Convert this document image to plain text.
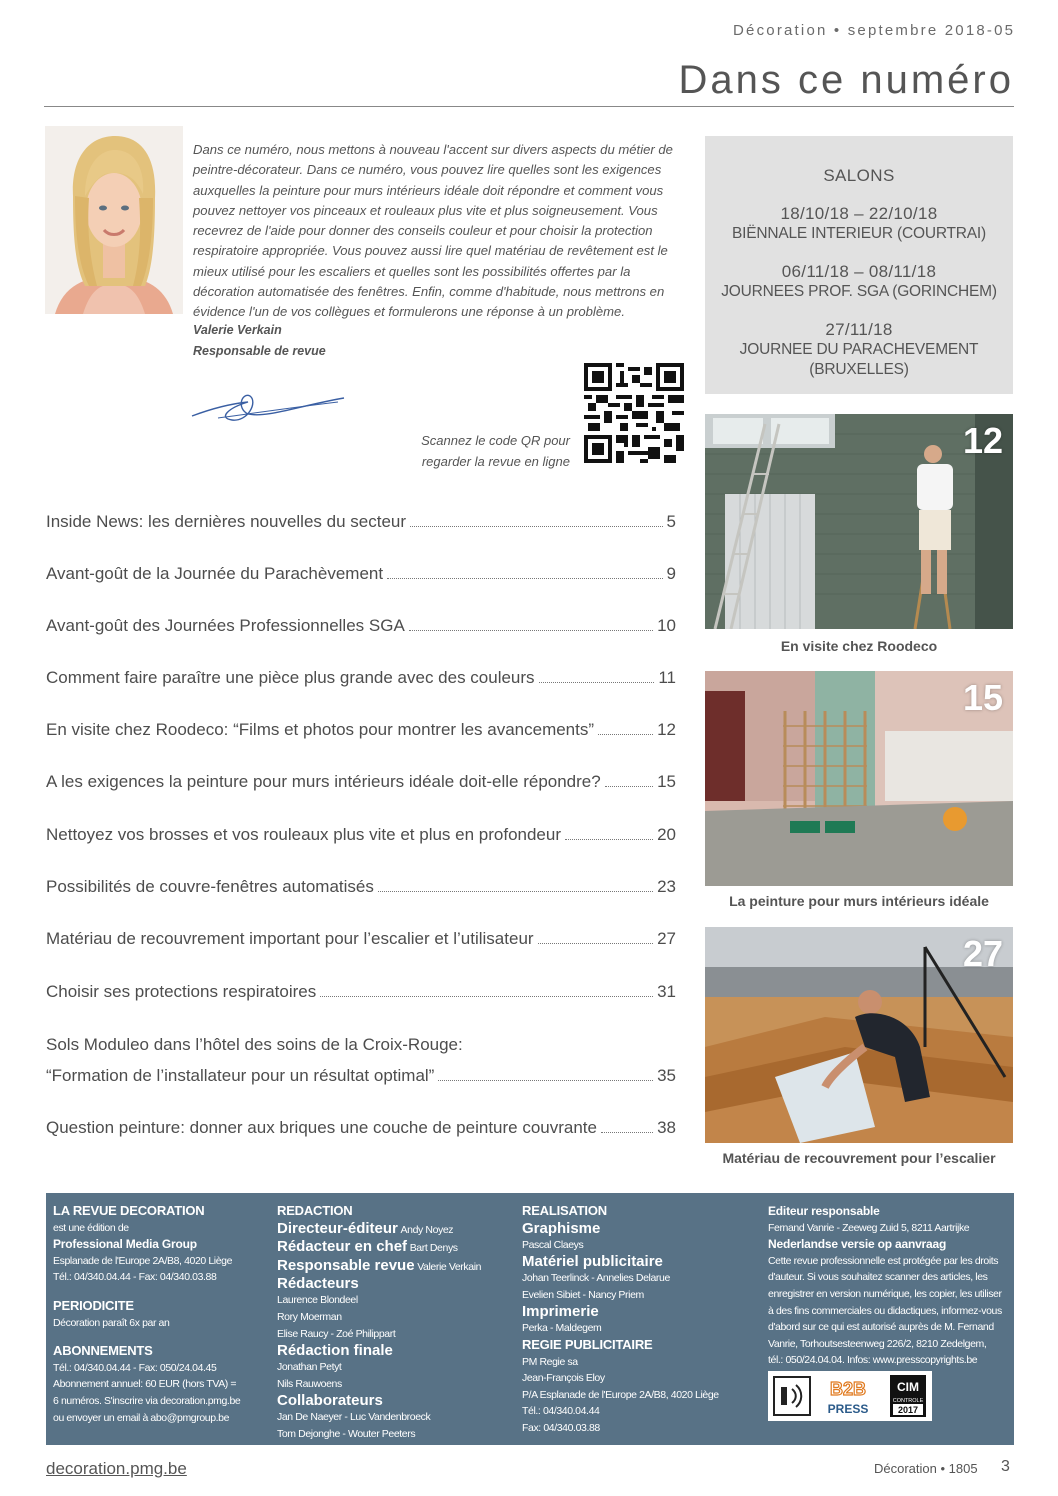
Décoration • septembre 2018-05
Dans ce numéro
Dans ce numéro, nous mettons à nouveau l'accent sur divers aspects du métier de peintre-décorateur. Dans ce numéro, vous pouvez lire quelles sont les exigences auxquelles la peinture pour murs intérieurs idéale doit répondre et comment vous pouvez nettoyer vos pinceaux et rouleaux plus vite et plus soigneusement. Vous recevrez de l'aide pour donner des conseils couleur et pour choisir la protection respiratoire appropriée. Vous pouvez aussi lire quel matériau de revêtement est le mieux utilisé pour les escaliers et quelles sont les possibilités offertes par la décoration automatisée des fenêtres. Enfin, comme d'habitude, nous mettrons en évidence l'un de vos collègues et formulerons une réponse à un problème.
Valerie Verkain
Responsable de revue
Scannez le code QR pour
regarder la revue en ligne
SALONS
18/10/18 – 22/10/18
BIËNNALE INTERIEUR (COURTRAI)
06/11/18 – 08/11/18
JOURNEES PROF. SGA (GORINCHEM)
27/11/18
JOURNEE DU PARACHEVEMENT
(BRUXELLES)
Inside News: les dernières nouvelles du secteur	5
Avant-goût de la Journée du Parachèvement	9
Avant-goût des Journées Professionnelles SGA	10
Comment faire paraître une pièce plus grande avec des couleurs	11
En visite chez Roodeco: “Films et photos pour montrer les avancements”	12
A les exigences la peinture pour murs intérieurs idéale doit-elle répondre?	15
Nettoyez vos brosses et vos rouleaux plus vite et plus en profondeur	20
Possibilités de couvre-fenêtres automatisés	23
Matériau de recouvrement important pour l’escalier et l’utilisateur	27
Choisir ses protections respiratoires	31
Sols Moduleo dans l’hôtel des soins de la Croix-Rouge:
“Formation de l’installateur pour un résultat optimal”	35
Question peinture: donner aux briques une couche de peinture couvrante	38
12
En visite chez Roodeco
15
La peinture pour murs intérieurs idéale
27
Matériau de recouvrement pour l’escalier
LA REVUE DECORATION
est une édition de
Professional Media Group
Esplanade de l'Europe 2A/B8, 4020 Liège
Tél.: 04/340.04.44 - Fax: 04/340.03.88
PERIODICITE
Décoration paraît 6x par an
ABONNEMENTS
Tél.: 04/340.04.44 - Fax: 050/24.04.45
Abonnement annuel: 60 EUR (hors TVA) =
6 numéros. S'inscrire via decoration.pmg.be
ou envoyer un email à abo@pmgroup.be
REDACTION
Directeur-éditeur Andy Noyez
Rédacteur en chef Bart Denys
Responsable revue Valerie Verkain
Rédacteurs
Laurence Blondeel
Rory Moerman
Elise Raucy - Zoé Philippart
Rédaction finale
Jonathan Petyt
Nils Rauwoens
Collaborateurs
Jan De Naeyer - Luc Vandenbroeck
Tom Dejonghe - Wouter Peeters
REALISATION
Graphisme
Pascal Claeys
Matériel publicitaire
Johan Teerlinck - Annelies Delarue
Evelien Sibiet - Nancy Priem
Imprimerie
Perka - Maldegem
REGIE PUBLICITAIRE
PM Regie sa
Jean-François Eloy
P/A Esplanade de l'Europe 2A/B8, 4020 Liège
Tél.: 04/340.04.44
Fax: 04/340.03.88
Editeur responsable
Fernand Vanrie - Zeeweg Zuid 5, 8211 Aartrijke
Nederlandse versie op aanvraag
Cette revue professionnelle est protégée par les droits
d'auteur. Si vous souhaitez scanner des articles, les
enregistrer en version numérique, les copier, les utiliser
à des fins commerciales ou didactiques, informez-vous
d'abord sur ce qui est autorisé auprès de M. Fernand
Vanrie, Torhoutsesteenweg 226/2, 8210 Zedelgem,
tél.: 050/24.04.04. Infos: www.presscopyrights.be
B2B
PRESS
CIM
CONTROLE
2017
decoration.pmg.be	Décoration • 1805 3
